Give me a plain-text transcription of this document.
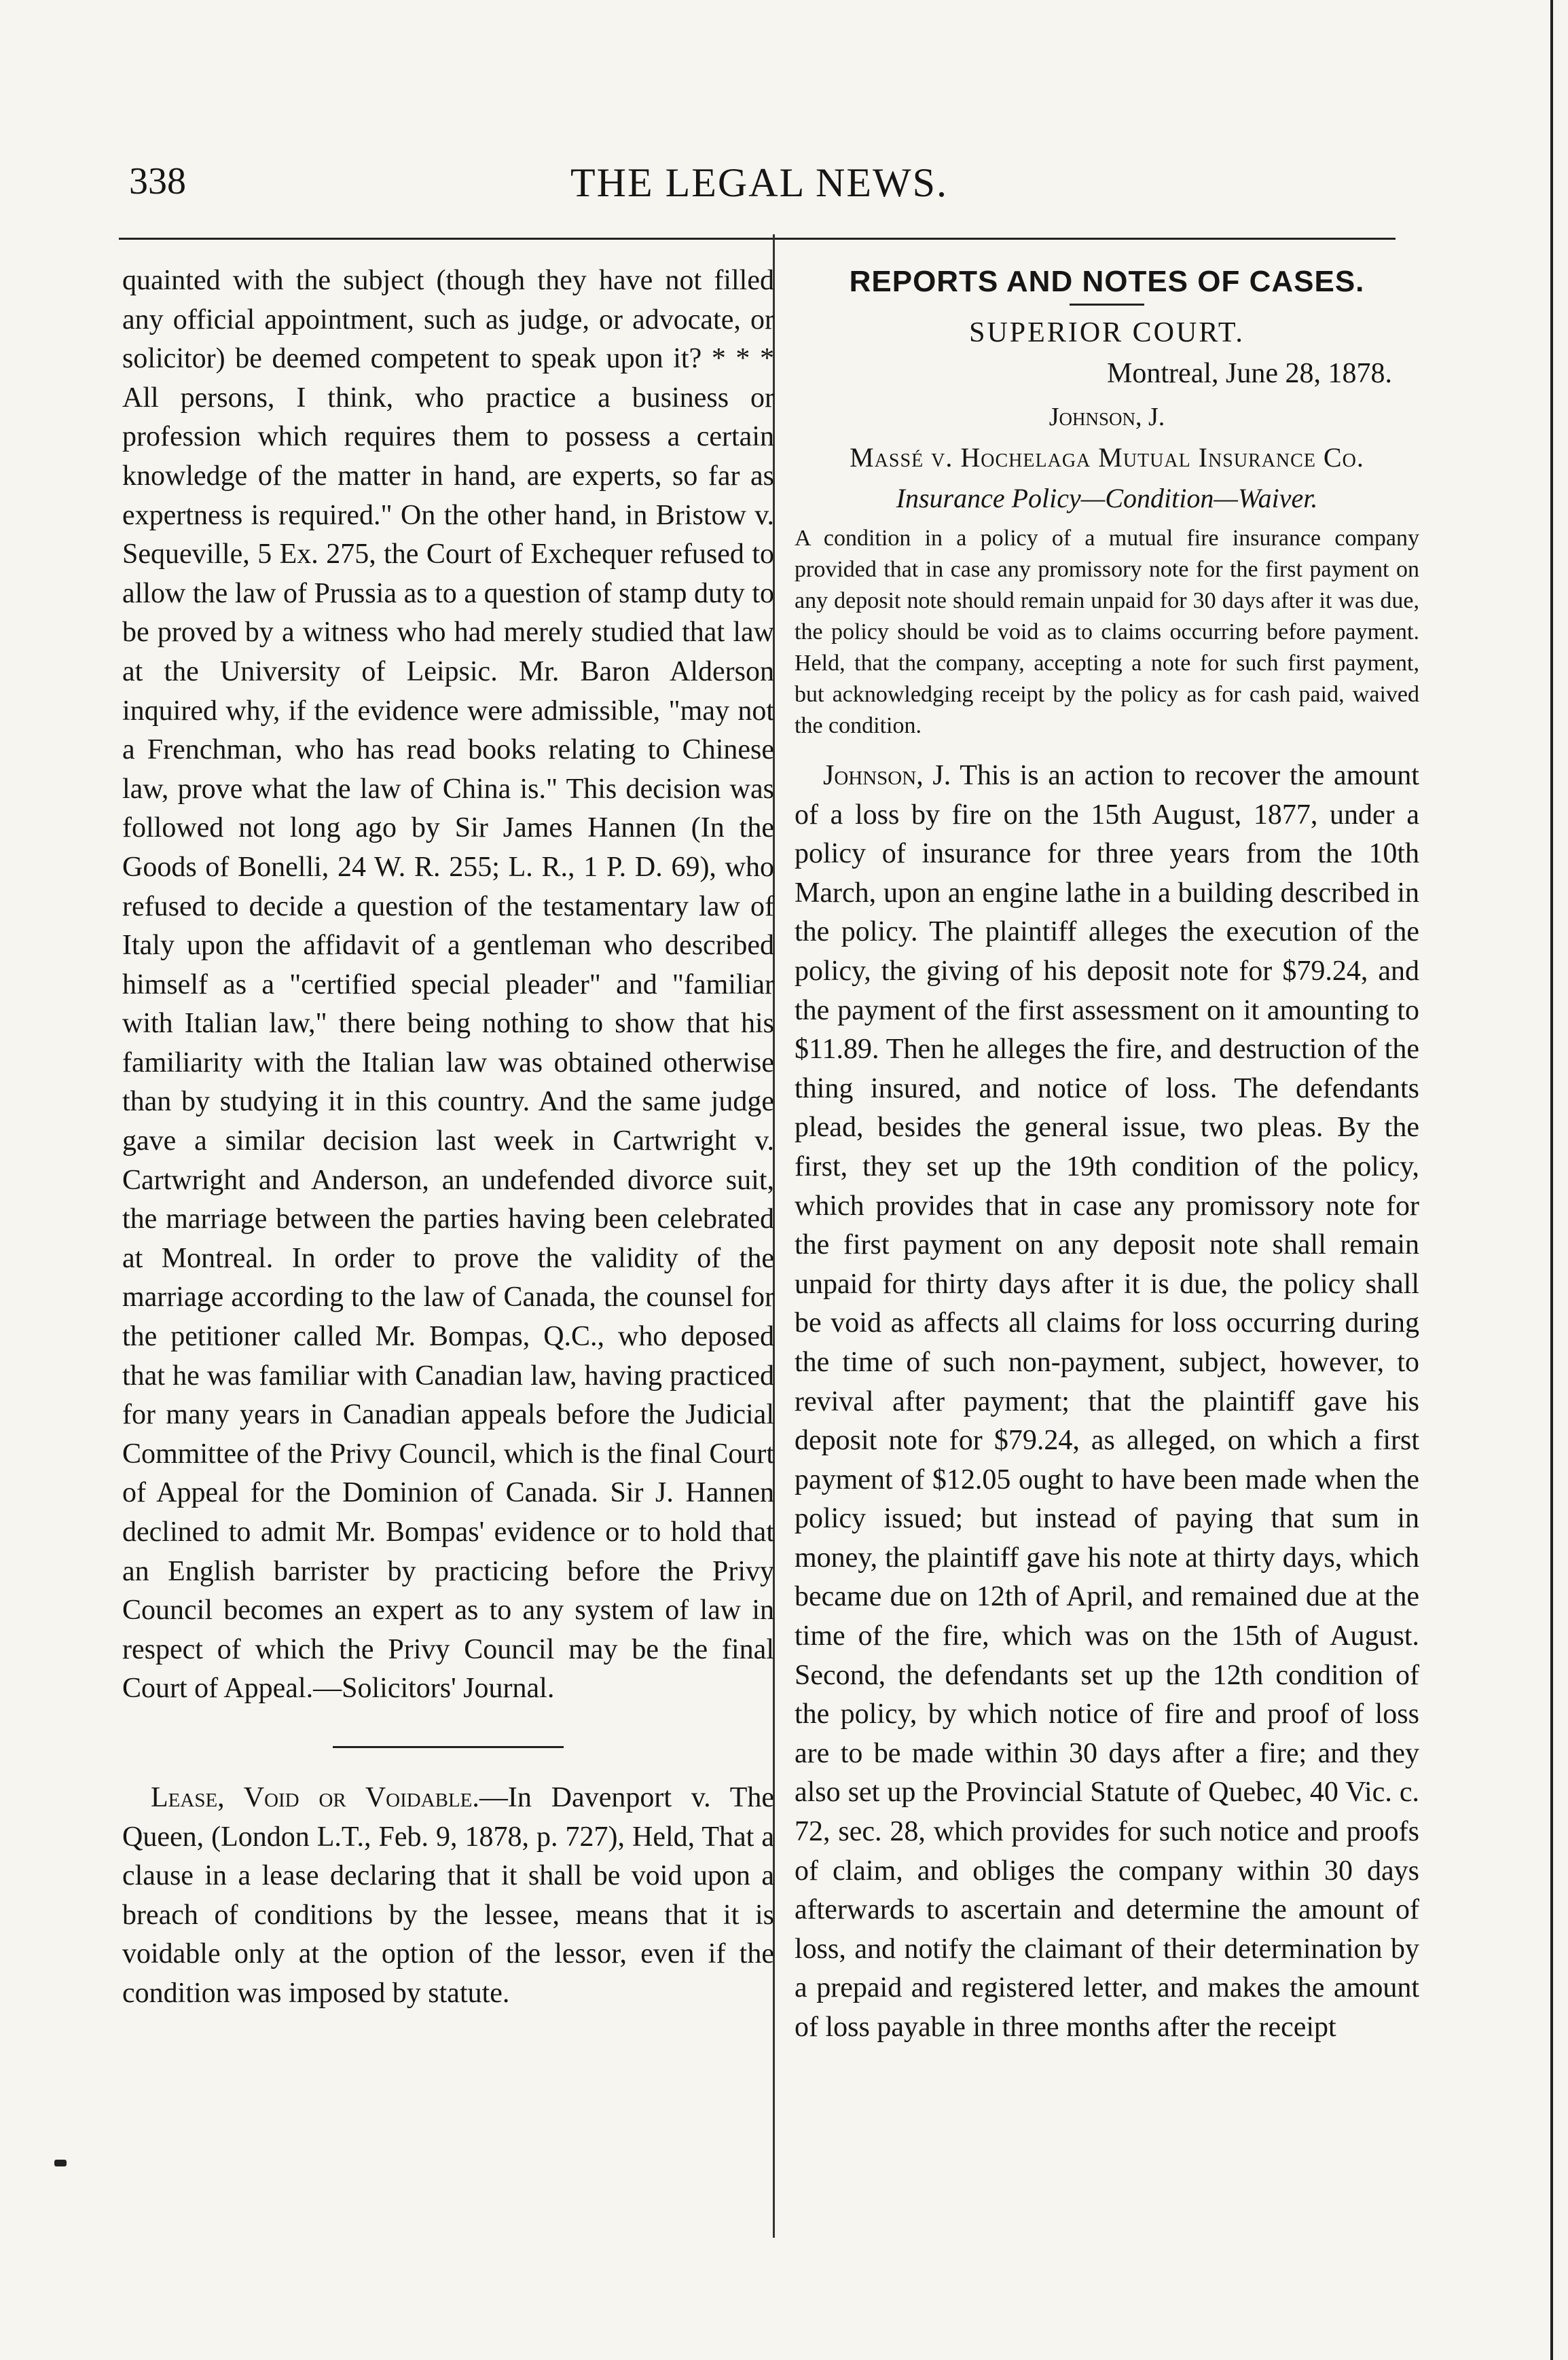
338	THE LEGAL NEWS.

quainted with the subject (though they have not filled any official appointment, such as judge, or advocate, or solicitor) be deemed competent to speak upon it? * * * All persons, I think, who practice a business or profession which requires them to possess a certain knowledge of the matter in hand, are experts, so far as expertness is required." On the other hand, in Bristow v. Sequeville, 5 Ex. 275, the Court of Exchequer refused to allow the law of Prussia as to a question of stamp duty to be proved by a witness who had merely studied that law at the University of Leipsic. Mr. Baron Alderson inquired why, if the evidence were admissible, "may not a Frenchman, who has read books relating to Chinese law, prove what the law of China is." This decision was followed not long ago by Sir James Hannen (In the Goods of Bonelli, 24 W. R. 255; L. R., 1 P. D. 69), who refused to decide a question of the testamentary law of Italy upon the affidavit of a gentleman who described himself as a "certified special pleader" and "familiar with Italian law," there being nothing to show that his familiarity with the Italian law was obtained otherwise than by studying it in this country. And the same judge gave a similar decision last week in Cartwright v. Cartwright and Anderson, an undefended divorce suit, the marriage between the parties having been celebrated at Montreal. In order to prove the validity of the marriage according to the law of Canada, the counsel for the petitioner called Mr. Bompas, Q.C., who deposed that he was familiar with Canadian law, having practiced for many years in Canadian appeals before the Judicial Committee of the Privy Council, which is the final Court of Appeal for the Dominion of Canada. Sir J. Hannen declined to admit Mr. Bompas' evidence or to hold that an English barrister by practicing before the Privy Council becomes an expert as to any system of law in respect of which the Privy Council may be the final Court of Appeal.—Solicitors' Journal.

Lease, Void or Voidable.—In Davenport v. The Queen, (London L.T., Feb. 9, 1878, p. 727), Held, That a clause in a lease declaring that it shall be void upon a breach of conditions by the lessee, means that it is voidable only at the option of the lessor, even if the condition was imposed by statute.

REPORTS AND NOTES OF CASES.
SUPERIOR COURT.
Montreal, June 28, 1878.
Johnson, J.
Massé v. Hochelaga Mutual Insurance Co.
Insurance Policy—Condition—Waiver.

A condition in a policy of a mutual fire insurance company provided that in case any promissory note for the first payment on any deposit note should remain unpaid for 30 days after it was due, the policy should be void as to claims occurring before payment. Held, that the company, accepting a note for such first payment, but acknowledging receipt by the policy as for cash paid, waived the condition.

Johnson, J. This is an action to recover the amount of a loss by fire on the 15th August, 1877, under a policy of insurance for three years from the 10th March, upon an engine lathe in a building described in the policy. The plaintiff alleges the execution of the policy, the giving of his deposit note for $79.24, and the payment of the first assessment on it amounting to $11.89. Then he alleges the fire, and destruction of the thing insured, and notice of loss. The defendants plead, besides the general issue, two pleas. By the first, they set up the 19th condition of the policy, which provides that in case any promissory note for the first payment on any deposit note shall remain unpaid for thirty days after it is due, the policy shall be void as affects all claims for loss occurring during the time of such non-payment, subject, however, to revival after payment; that the plaintiff gave his deposit note for $79.24, as alleged, on which a first payment of $12.05 ought to have been made when the policy issued; but instead of paying that sum in money, the plaintiff gave his note at thirty days, which became due on 12th of April, and remained due at the time of the fire, which was on the 15th of August. Second, the defendants set up the 12th condition of the policy, by which notice of fire and proof of loss are to be made within 30 days after a fire; and they also set up the Provincial Statute of Quebec, 40 Vic. c. 72, sec. 28, which provides for such notice and proofs of claim, and obliges the company within 30 days afterwards to ascertain and determine the amount of loss, and notify the claimant of their determination by a prepaid and registered letter, and makes the amount of loss payable in three months after the receipt
